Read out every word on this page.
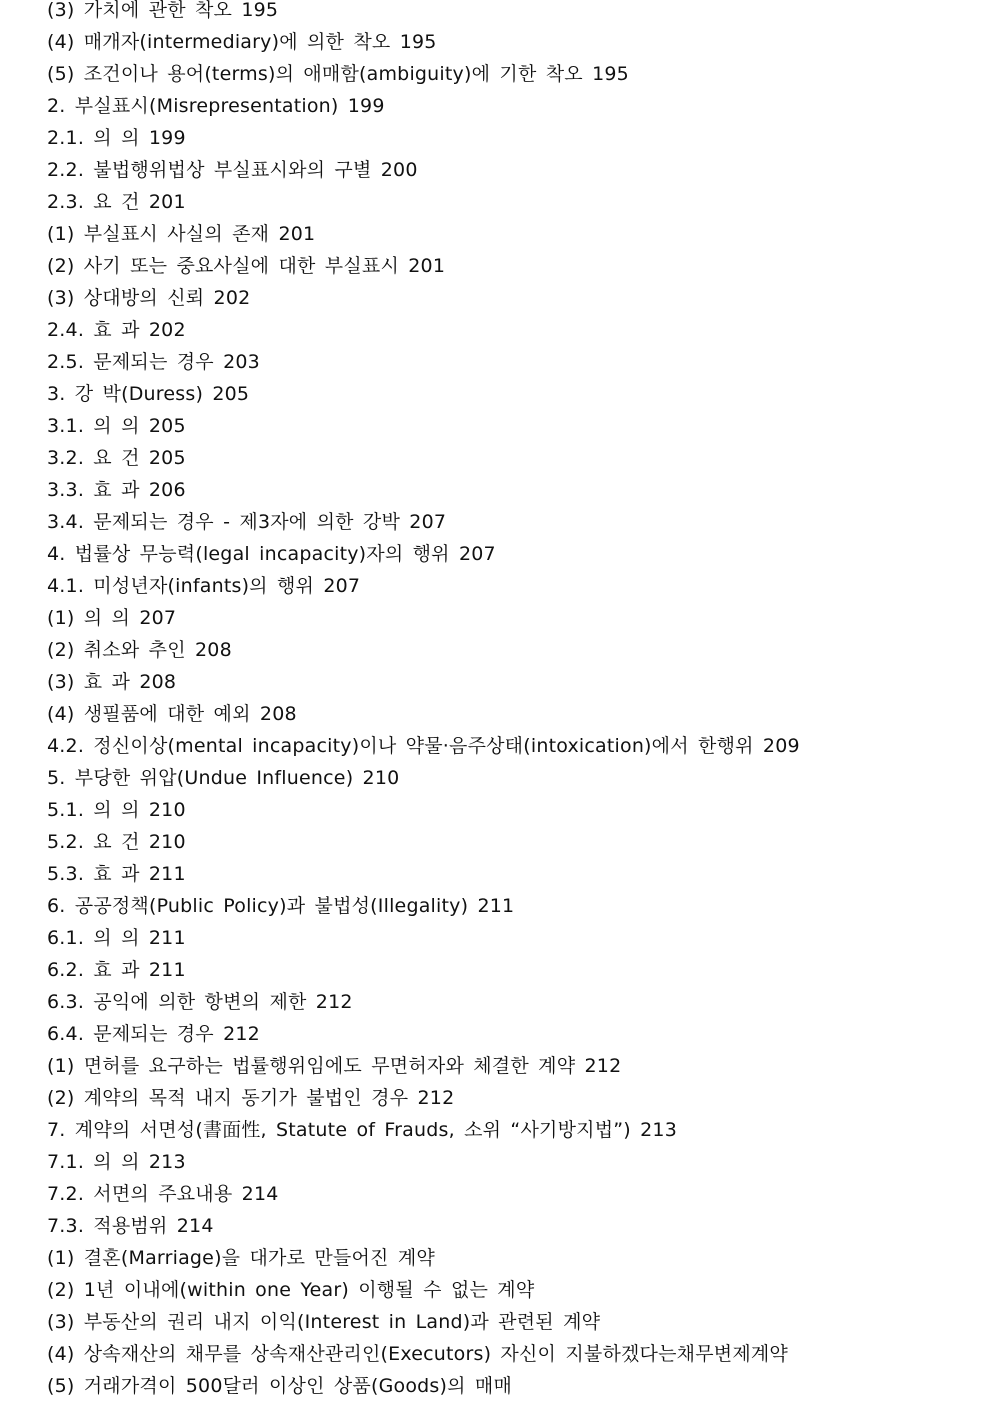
(3) 가치에 관한 착오 195
(4) 매개자(intermediary)에 의한 착오 195
(5) 조건이나 용어(terms)의 애매함(ambiguity)에 기한 착오 195
2. 부실표시(Misrepresentation) 199
2.1. 의 의 199
2.2. 불법행위법상 부실표시와의 구별 200
2.3. 요 건 201
(1) 부실표시 사실의 존재 201
(2) 사기 또는 중요사실에 대한 부실표시 201
(3) 상대방의 신뢰 202
2.4. 효 과 202
2.5. 문제되는 경우 203
3. 강 박(Duress) 205
3.1. 의 의 205
3.2. 요 건 205
3.3. 효 과 206
3.4. 문제되는 경우 - 제3자에 의한 강박 207
4. 법률상 무능력(legal incapacity)자의 행위 207
4.1. 미성년자(infants)의 행위 207
(1) 의 의 207
(2) 취소와 추인 208
(3) 효 과 208
(4) 생필품에 대한 예외 208
4.2. 정신이상(mental incapacity)이나 약물·음주상태(intoxication)에서 한행위 209
5. 부당한 위압(Undue Influence) 210
5.1. 의 의 210
5.2. 요 건 210
5.3. 효 과 211
6. 공공정책(Public Policy)과 불법성(Illegality) 211
6.1. 의 의 211
6.2. 효 과 211
6.3. 공익에 의한 항변의 제한 212
6.4. 문제되는 경우 212
(1) 면허를 요구하는 법률행위임에도 무면허자와 체결한 계약 212
(2) 계약의 목적 내지 동기가 불법인 경우 212
7. 계약의 서면성(書面性, Statute of Frauds, 소위 “사기방지법”) 213
7.1. 의 의 213
7.2. 서면의 주요내용 214
7.3. 적용범위 214
(1) 결혼(Marriage)을 대가로 만들어진 계약
(2) 1년 이내에(within one Year) 이행될 수 없는 계약
(3) 부동산의 권리 내지 이익(Interest in Land)과 관련된 계약
(4) 상속재산의 채무를 상속재산관리인(Executors) 자신이 지불하겠다는채무변제계약
(5) 거래가격이 500달러 이상인 상품(Goods)의 매매
